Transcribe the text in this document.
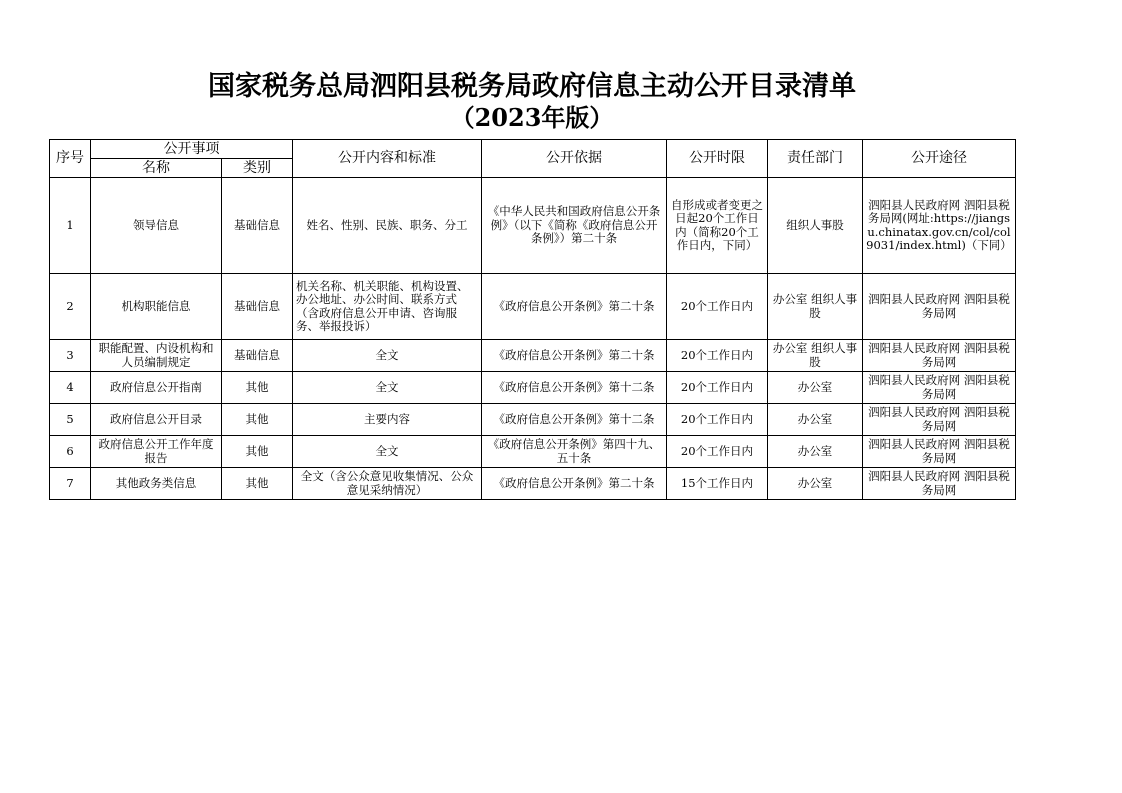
国家税务总局泗阳县税务局政府信息主动公开目录清单
（2023年版）
序号	公开事项		公开内容和标准	公开依据	公开时限	责任部门	公开途径
	名称	类别					
1	领导信息	基础信息	姓名、性别、民族、职务、分工	《中华人民共和国政府信息公开条例》（以下《简称《政府信息公开条例》）第二十条	自形成或者变更之日起20个工作日内（简称20个工作日内，下同）	组织人事股	泗阳县人民政府网 泗阳县税务局网(网址:https://jiangsu.chinatax.gov.cn/col/col9031/index.html)（下同）
2	机构职能信息	基础信息	机关名称、机关职能、机构设置、办公地址、办公时间、联系方式（含政府信息公开申请、咨询服务、举报投诉）	《政府信息公开条例》第二十条	20个工作日内	办公室 组织人事股	泗阳县人民政府网 泗阳县税务局网
3	职能配置、内设机构和人员编制规定	基础信息	全文	《政府信息公开条例》第二十条	20个工作日内	办公室 组织人事股	泗阳县人民政府网 泗阳县税务局网
4	政府信息公开指南	其他	全文	《政府信息公开条例》第十二条	20个工作日内	办公室	泗阳县人民政府网 泗阳县税务局网
5	政府信息公开目录	其他	主要内容	《政府信息公开条例》第十二条	20个工作日内	办公室	泗阳县人民政府网 泗阳县税务局网
6	政府信息公开工作年度报告	其他	全文	《政府信息公开条例》第四十九、五十条	20个工作日内	办公室	泗阳县人民政府网 泗阳县税务局网
7	其他政务类信息	其他	全文（含公众意见收集情况、公众意见采纳情况）	《政府信息公开条例》第二十条	15个工作日内	办公室	泗阳县人民政府网 泗阳县税务局网
